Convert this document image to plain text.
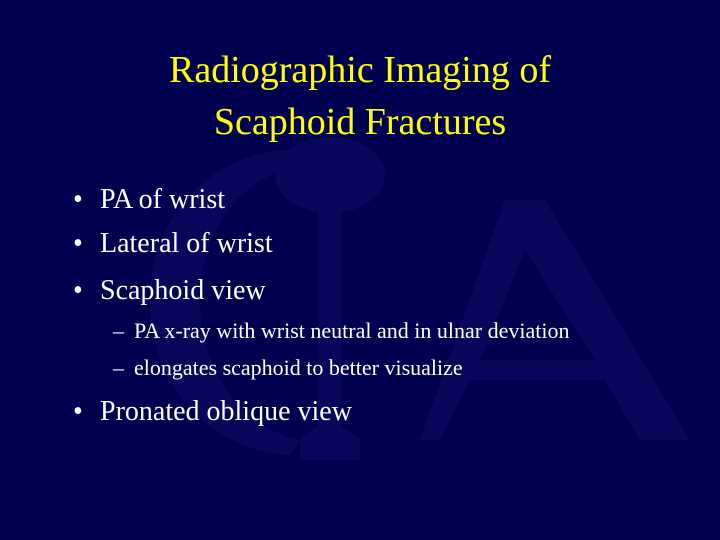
Radiographic Imaging of
Scaphoid Fractures
• PA of wrist
• Lateral of wrist
• Scaphoid view
– PA x-ray with wrist neutral and in ulnar deviation
– elongates scaphoid to better visualize
• Pronated oblique view
